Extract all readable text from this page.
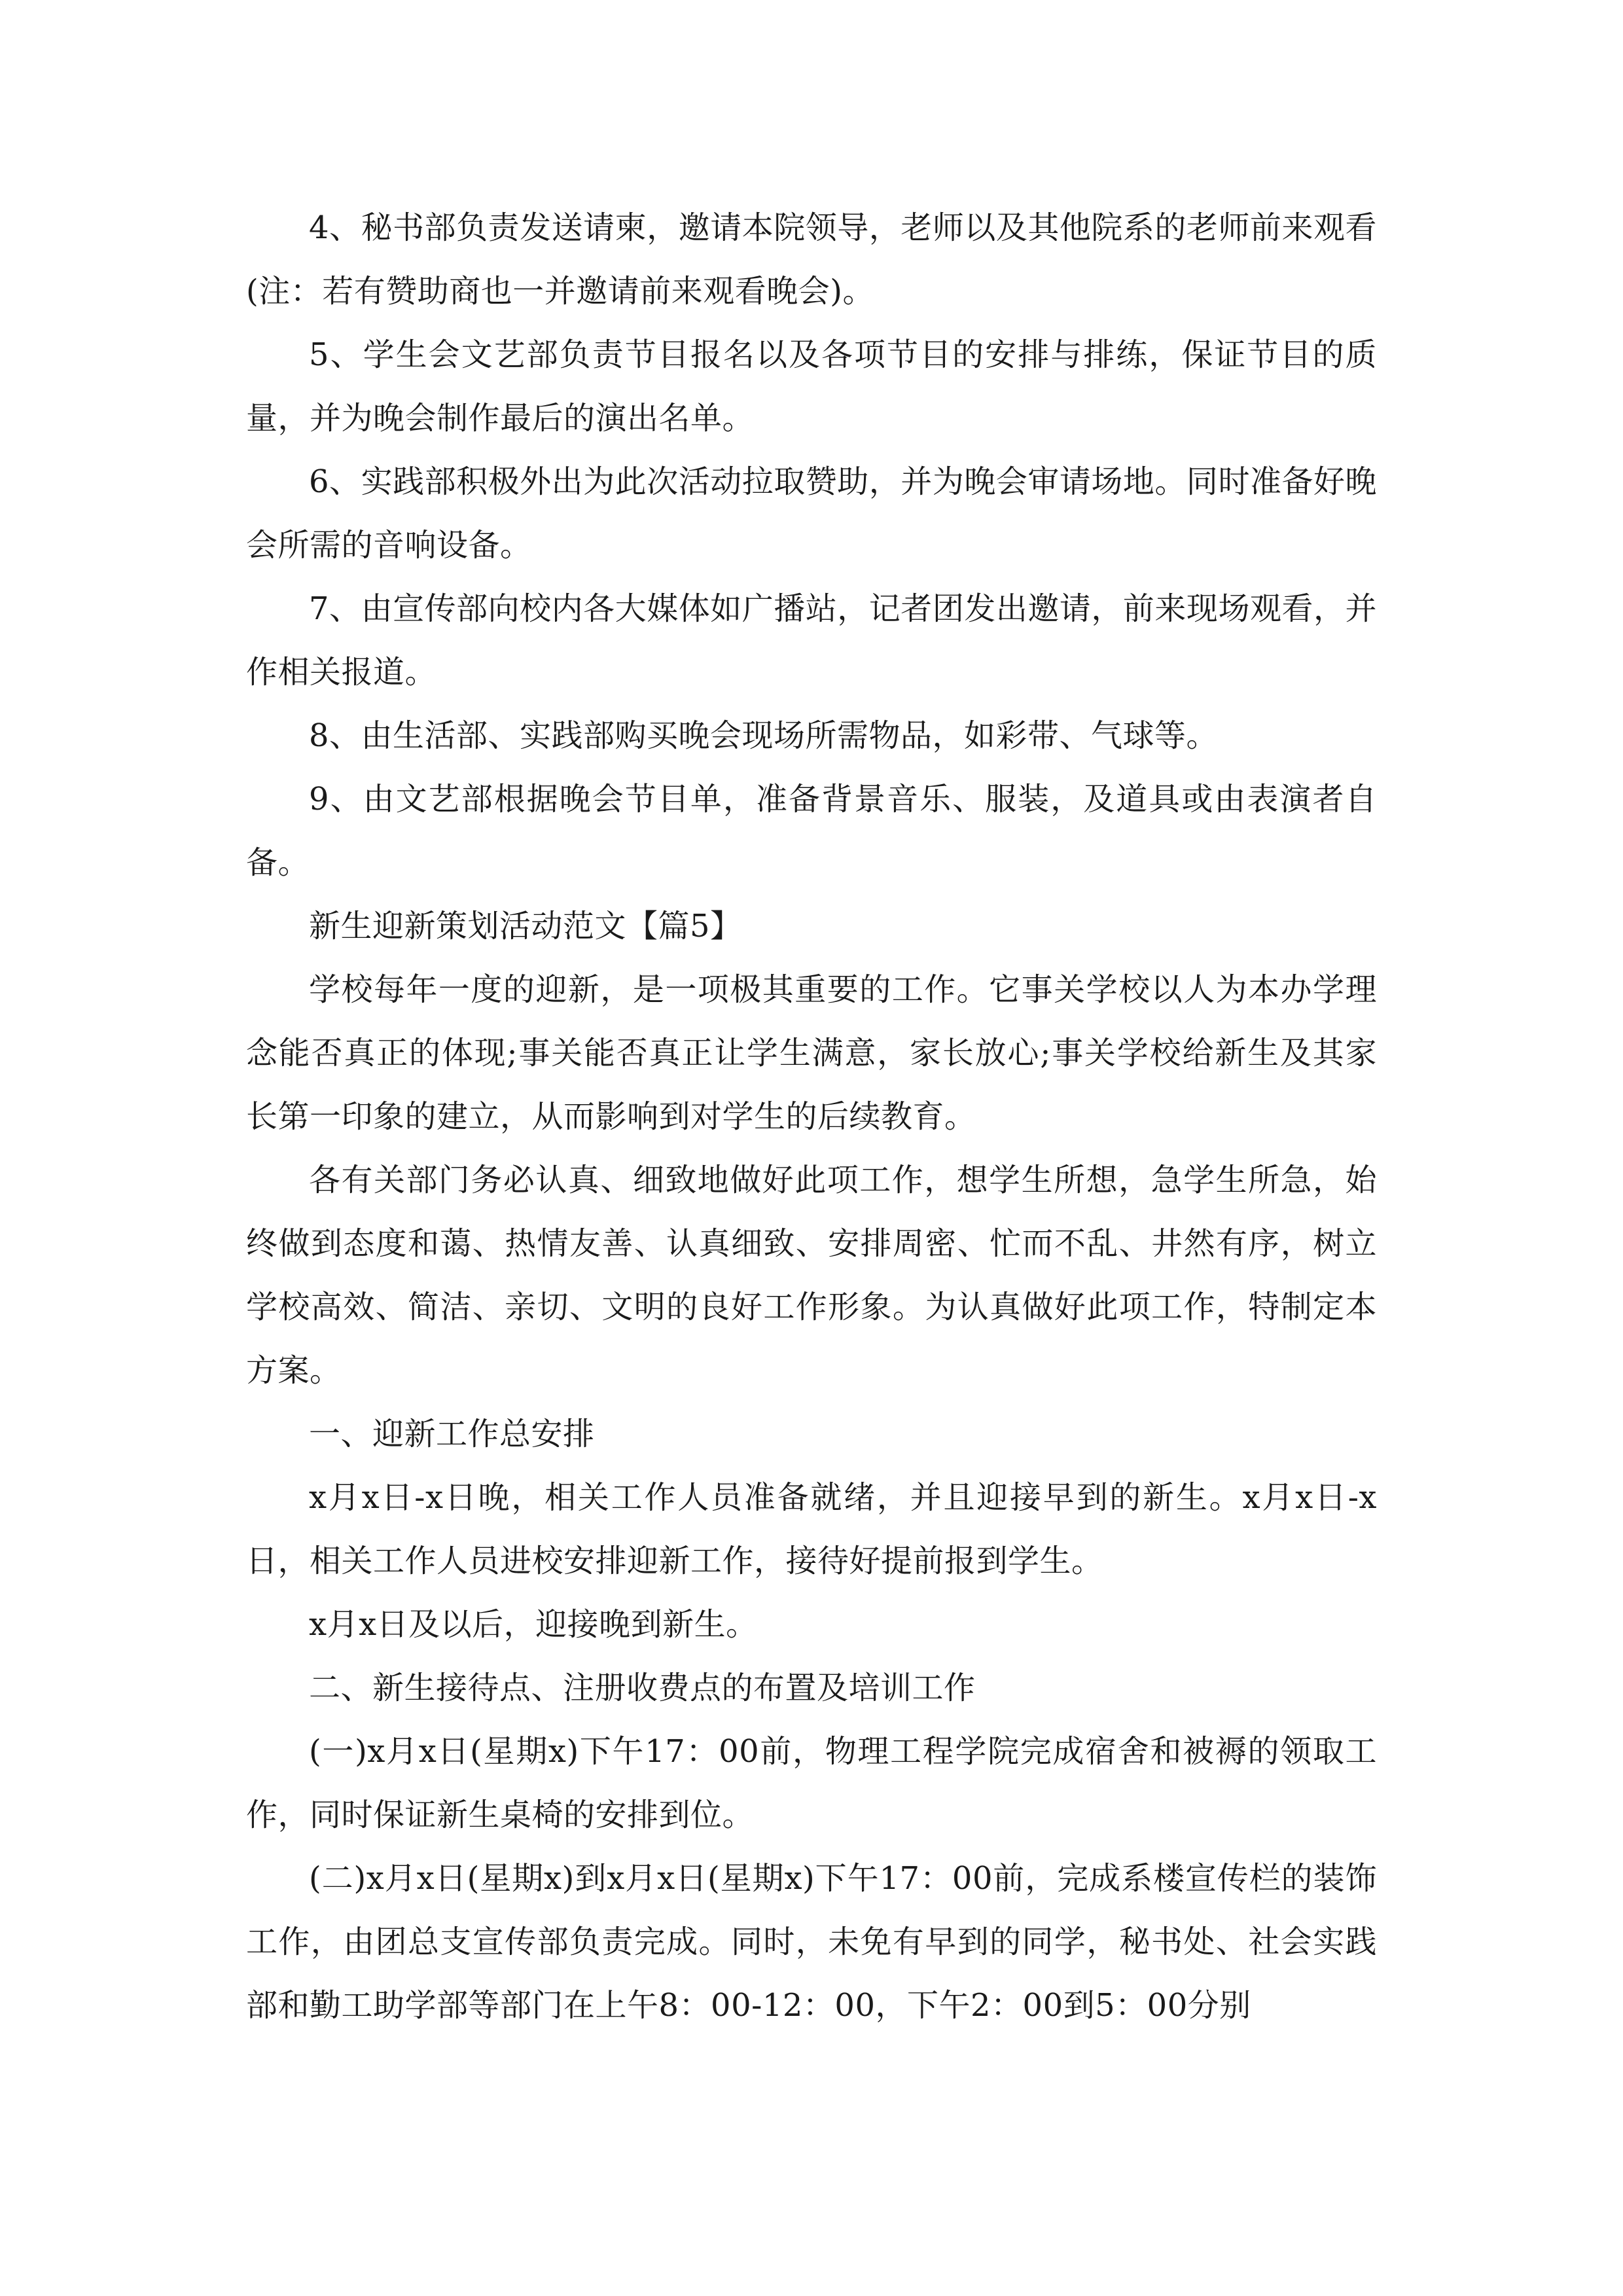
4、秘书部负责发送请柬，邀请本院领导，老师以及其他院系的老师前来观看(注：若有赞助商也一并邀请前来观看晚会)。

5、学生会文艺部负责节目报名以及各项节目的安排与排练，保证节目的质量，并为晚会制作最后的演出名单。

6、实践部积极外出为此次活动拉取赞助，并为晚会审请场地。同时准备好晚会所需的音响设备。

7、由宣传部向校内各大媒体如广播站，记者团发出邀请，前来现场观看，并作相关报道。

8、由生活部、实践部购买晚会现场所需物品，如彩带、气球等。

9、由文艺部根据晚会节目单，准备背景音乐、服装，及道具或由表演者自备。

新生迎新策划活动范文【篇5】

学校每年一度的迎新，是一项极其重要的工作。它事关学校以人为本办学理念能否真正的体现;事关能否真正让学生满意，家长放心;事关学校给新生及其家长第一印象的建立，从而影响到对学生的后续教育。

各有关部门务必认真、细致地做好此项工作，想学生所想，急学生所急，始终做到态度和蔼、热情友善、认真细致、安排周密、忙而不乱、井然有序，树立学校高效、简洁、亲切、文明的良好工作形象。为认真做好此项工作，特制定本方案。

一、迎新工作总安排

x月x日-x日晚，相关工作人员准备就绪，并且迎接早到的新生。x月x日-x日，相关工作人员进校安排迎新工作，接待好提前报到学生。

x月x日及以后，迎接晚到新生。

二、新生接待点、注册收费点的布置及培训工作

(一)x月x日(星期x)下午17：00前，物理工程学院完成宿舍和被褥的领取工作，同时保证新生桌椅的安排到位。

(二)x月x日(星期x)到x月x日(星期x)下午17：00前，完成系楼宣传栏的装饰工作，由团总支宣传部负责完成。同时，未免有早到的同学，秘书处、社会实践部和勤工助学部等部门在上午8：00-12：00，下午2：00到5：00分别
